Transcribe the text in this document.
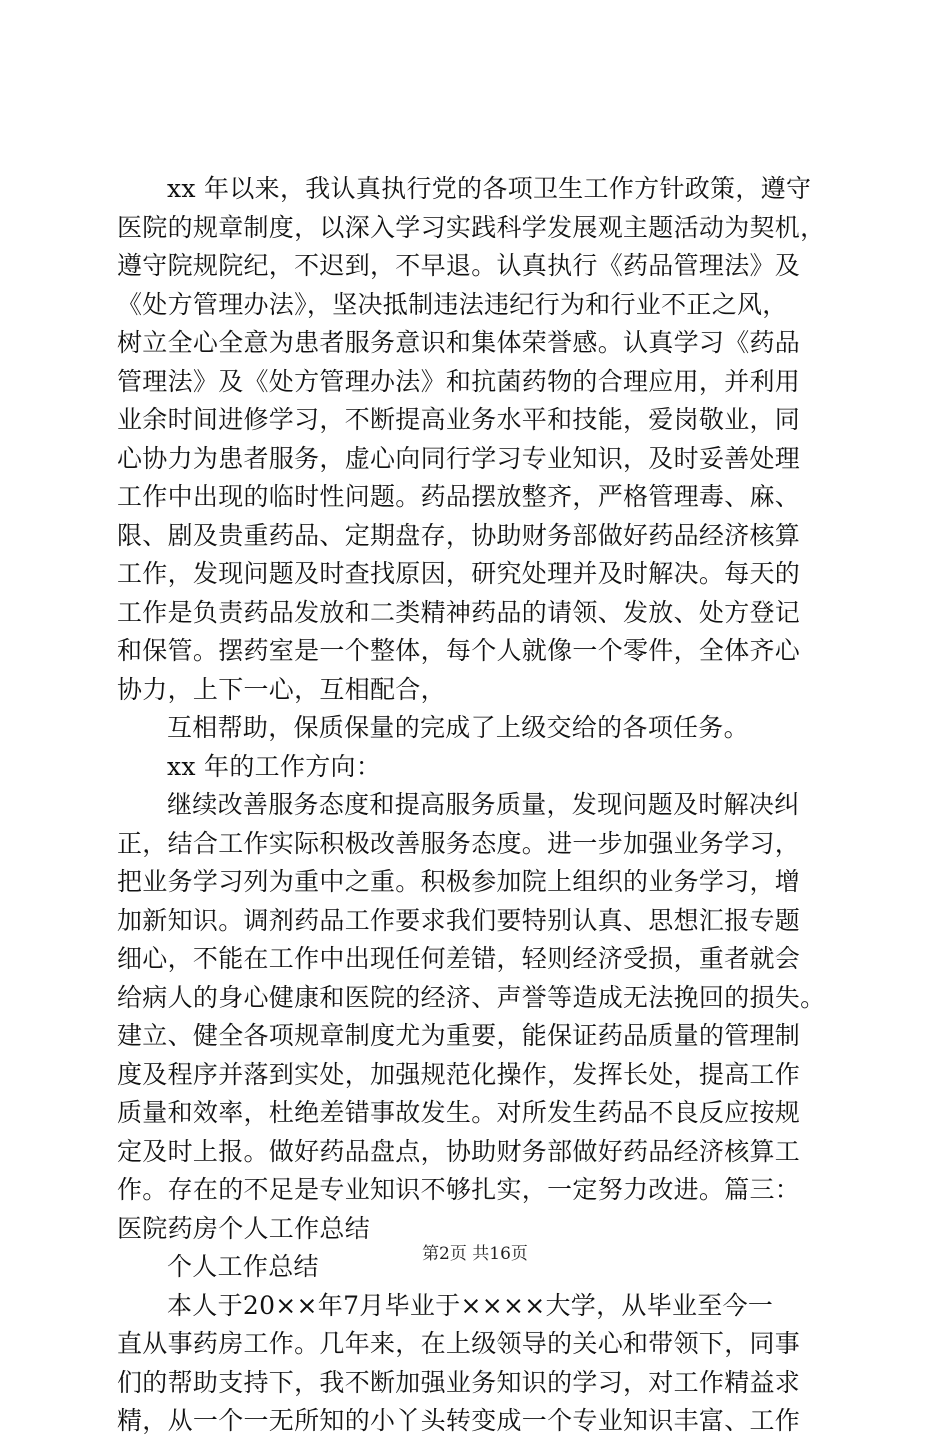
xx 年以来，我认真执行党的各项卫生工作方针政策，遵守
医院的规章制度，以深入学习实践科学发展观主题活动为契机，
遵守院规院纪，不迟到，不早退。认真执行《药品管理法》及
《处方管理办法》，坚决抵制违法违纪行为和行业不正之风，
树立全心全意为患者服务意识和集体荣誉感。认真学习《药品
管理法》及《处方管理办法》和抗菌药物的合理应用，并利用
业余时间进修学习，不断提高业务水平和技能，爱岗敬业，同
心协力为患者服务，虚心向同行学习专业知识，及时妥善处理
工作中出现的临时性问题。药品摆放整齐，严格管理毒、麻、
限、剧及贵重药品、定期盘存，协助财务部做好药品经济核算
工作，发现问题及时查找原因，研究处理并及时解决。每天的
工作是负责药品发放和二类精神药品的请领、发放、处方登记
和保管。摆药室是一个整体，每个人就像一个零件，全体齐心
协力，上下一心，互相配合，
互相帮助，保质保量的完成了上级交给的各项任务。
xx 年的工作方向：
继续改善服务态度和提高服务质量，发现问题及时解决纠
正，结合工作实际积极改善服务态度。进一步加强业务学习，
把业务学习列为重中之重。积极参加院上组织的业务学习，增
加新知识。调剂药品工作要求我们要特别认真、思想汇报专题
细心，不能在工作中出现任何差错，轻则经济受损，重者就会
给病人的身心健康和医院的经济、声誉等造成无法挽回的损失。
建立、健全各项规章制度尤为重要，能保证药品质量的管理制
度及程序并落到实处，加强规范化操作，发挥长处，提高工作
质量和效率，杜绝差错事故发生。对所发生药品不良反应按规
定及时上报。做好药品盘点，协助财务部做好药品经济核算工
作。存在的不足是专业知识不够扎实，一定努力改进。篇三：
医院药房个人工作总结
个人工作总结
本人于20××年7月毕业于××××大学，从毕业至今一
直从事药房工作。几年来，在上级领导的关心和带领下，同事
们的帮助支持下，我不断加强业务知识的学习，对工作精益求
精，从一个一无所知的小丫头转变成一个专业知识丰富、工作
第2页 共16页
